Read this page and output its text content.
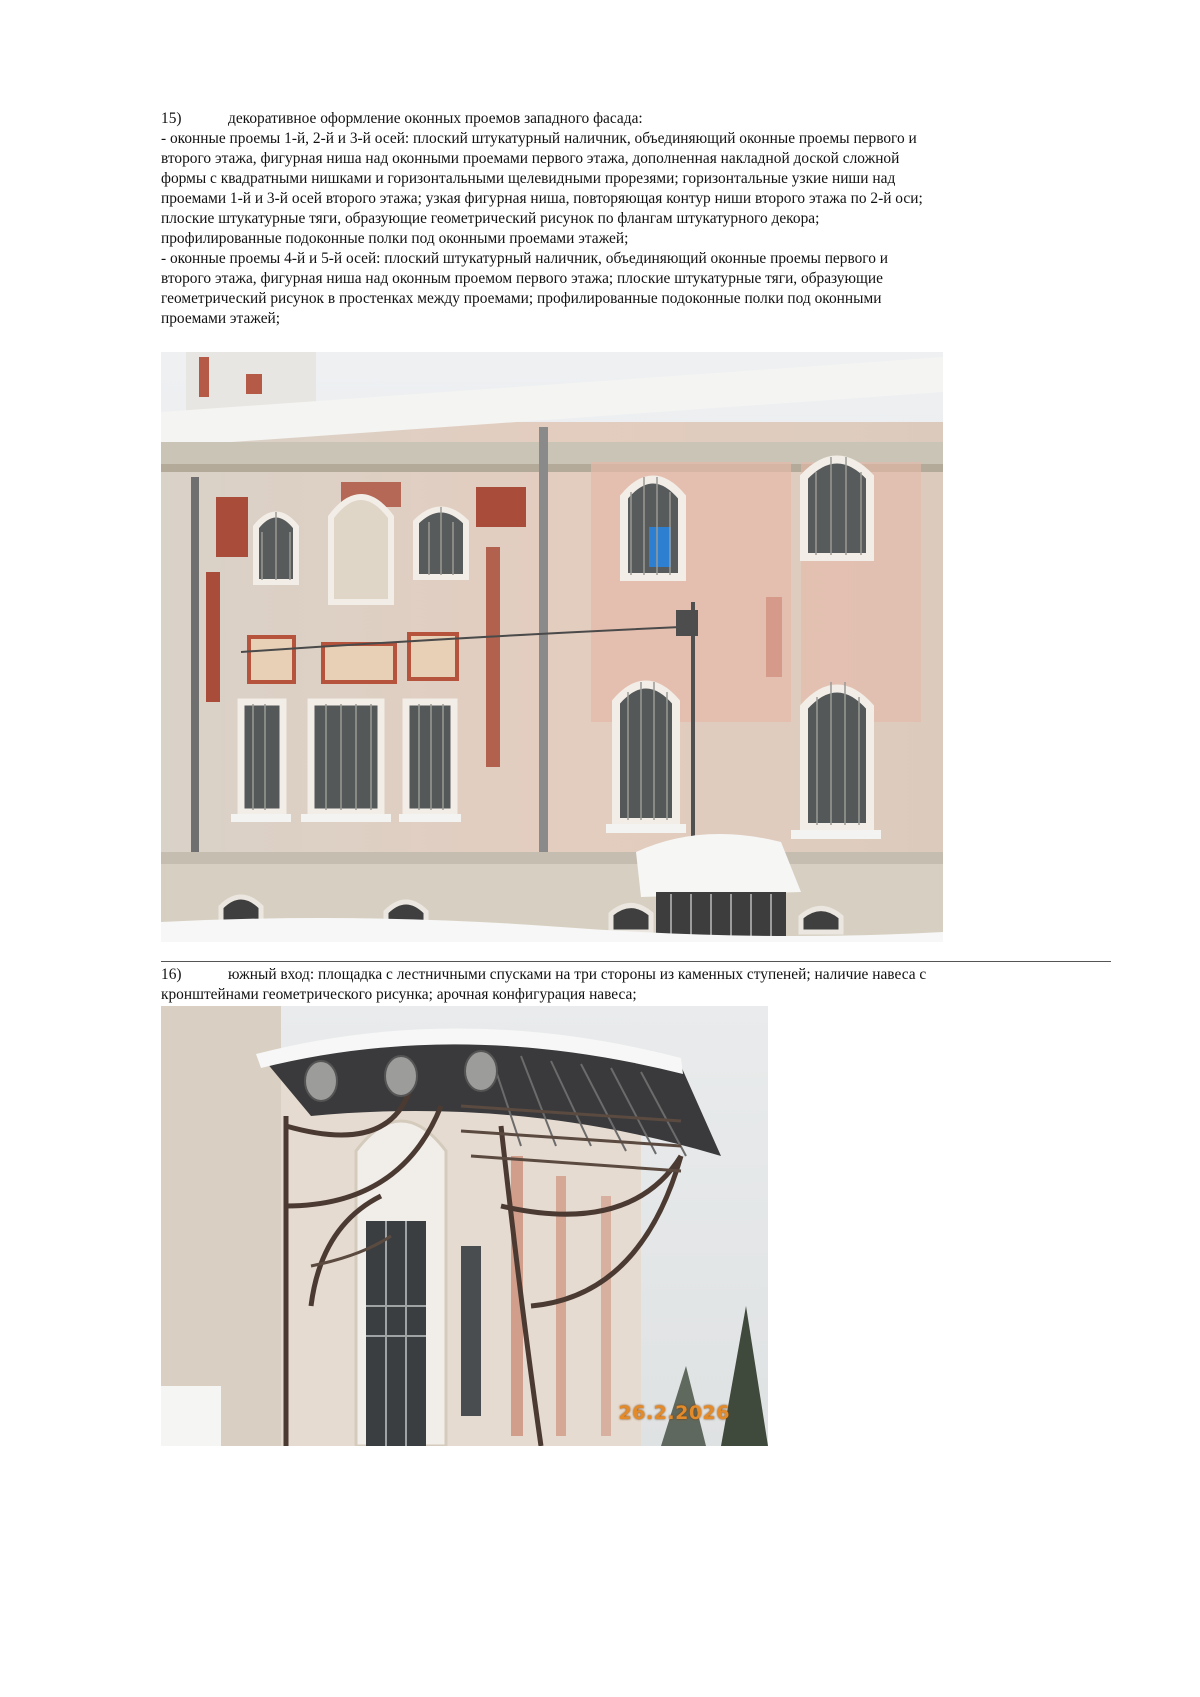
15)	декоративное оформление оконных проемов западного фасада:
- оконные проемы 1-й, 2-й и 3-й осей: плоский штукатурный наличник, объединяющий оконные проемы первого и
второго этажа, фигурная ниша над оконными проемами первого этажа, дополненная накладной доской сложной
формы с квадратными нишками и горизонтальными щелевидными прорезями; горизонтальные узкие ниши над
проемами 1-й и 3-й осей второго этажа; узкая фигурная ниша, повторяющая контур ниши второго этажа по 2-й оси;
плоские штукатурные тяги, образующие геометрический рисунок по флангам штукатурного декора;
профилированные подоконные полки под оконными проемами этажей;
- оконные проемы 4-й и 5-й осей: плоский штукатурный наличник, объединяющий оконные проемы первого и
второго этажа, фигурная ниша над оконным проемом первого этажа; плоские штукатурные тяги, образующие
геометрический рисунок в простенках между проемами; профилированные подоконные полки под оконными
проемами этажей;
16)	южный вход: площадка с лестничными спусками на три стороны из каменных ступеней; наличие навеса с
кронштейнами геометрического рисунка; арочная конфигурация навеса;
26.2.2026
